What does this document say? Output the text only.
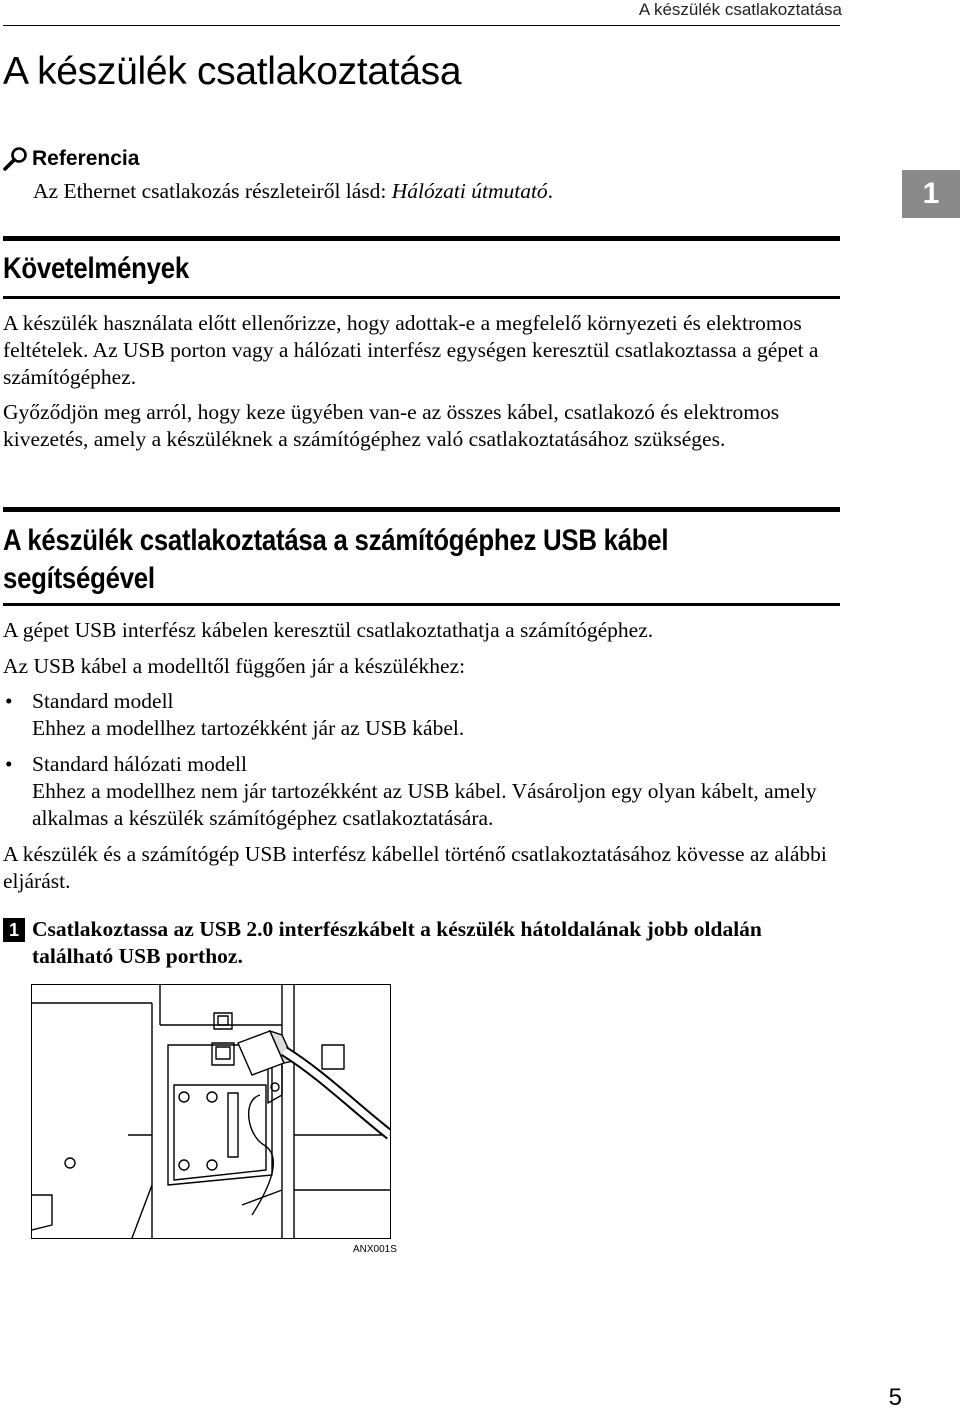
A készülék csatlakoztatása
A készülék csatlakoztatása
Referencia
Az Ethernet csatlakozás részleteiről lásd: Hálózati útmutató.	1
Követelmények

A készülék használata előtt ellenőrizze, hogy adottak-e a megfelelő környezeti és elektromos feltételek. Az USB porton vagy a hálózati interfész egységen keresztül csatlakoztassa a gépet a számítógéphez.

Győződjön meg arról, hogy keze ügyében van-e az összes kábel, csatlakozó és elektromos kivezetés, amely a készüléknek a számítógéphez való csatlakoztatásához szükséges.

A készülék csatlakoztatása a számítógéphez USB kábel
segítségével

A gépet USB interfész kábelen keresztül csatlakoztathatja a számítógéphez.

Az USB kábel a modelltől függően jár a készülékhez:

• Standard modell
Ehhez a modellhez tartozékként jár az USB kábel.
• Standard hálózati modell
Ehhez a modellhez nem jár tartozékként az USB kábel. Vásároljon egy olyan kábelt, amely alkalmas a készülék számítógéphez csatlakoztatására.

A készülék és a számítógép USB interfész kábellel történő csatlakoztatásához kövesse az alábbi eljárást.

1 Csatlakoztassa az USB 2.0 interfészkábelt a készülék hátoldalának jobb oldalán található USB porthoz.
ANX001S
5
